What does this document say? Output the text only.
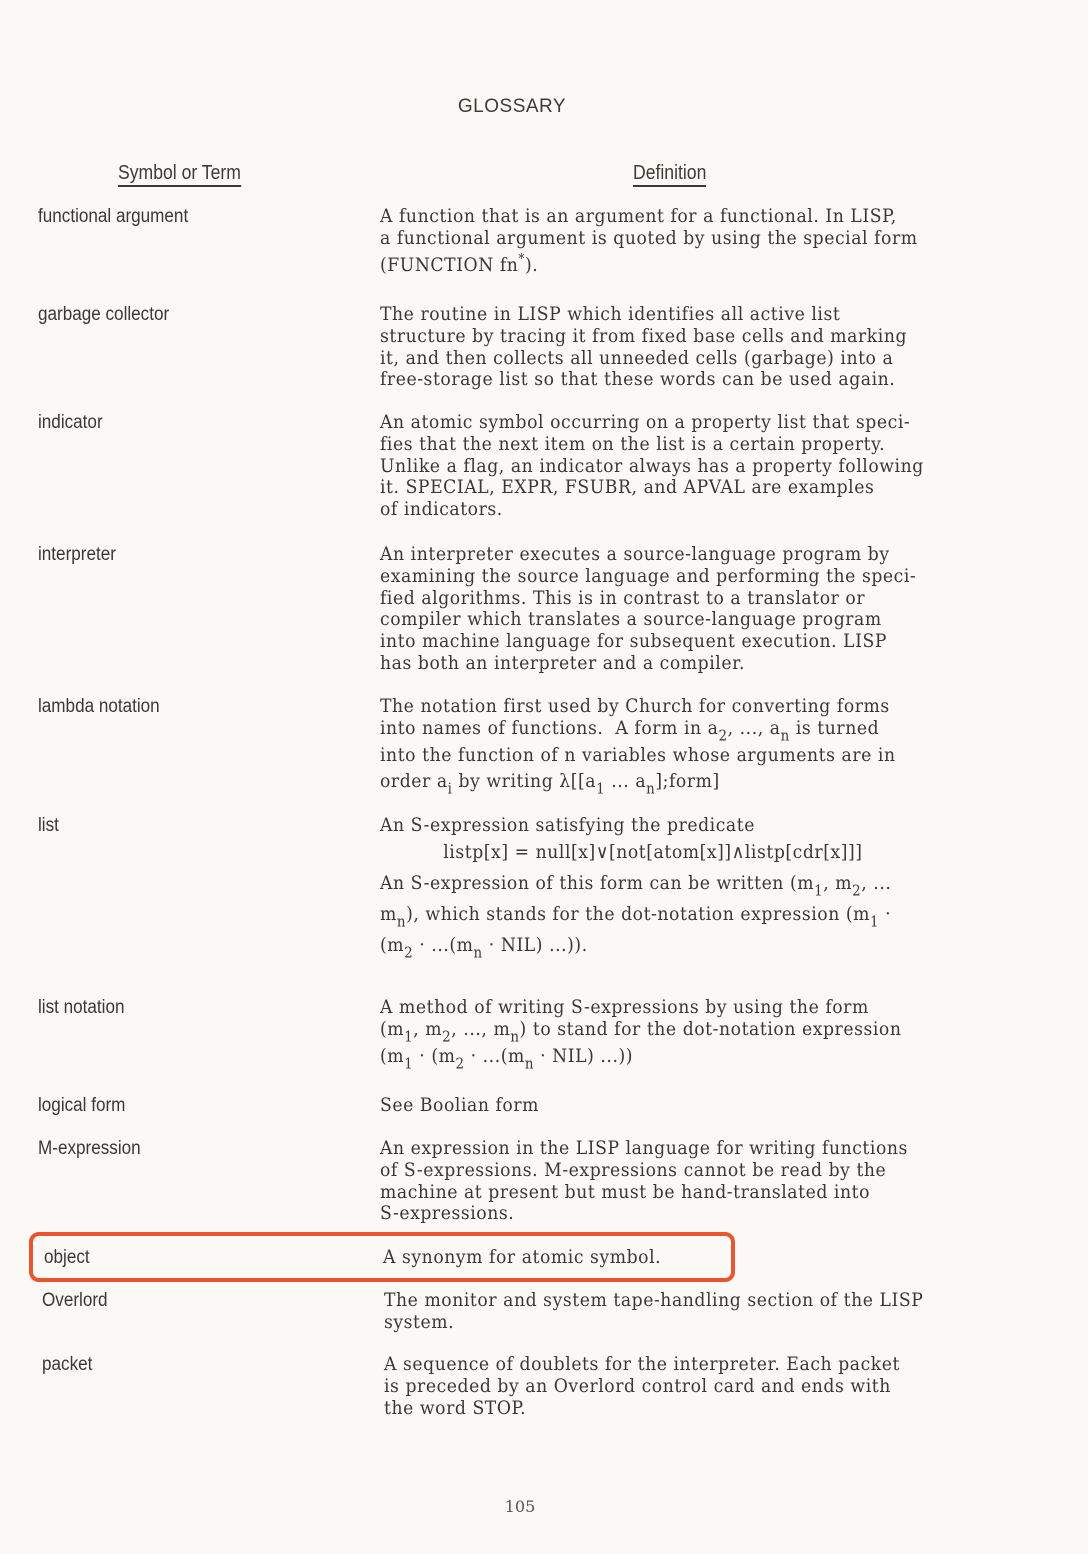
GLOSSARY
Symbol or Term	Definition
functional argument	A function that is an argument for a functional. In LISP,
a functional argument is quoted by using the special form
(FUNCTION fn*).
garbage collector	The routine in LISP which identifies all active list
structure by tracing it from fixed base cells and marking
it, and then collects all unneeded cells (garbage) into a
free-storage list so that these words can be used again.
indicator	An atomic symbol occurring on a property list that speci-
fies that the next item on the list is a certain property.
Unlike a flag, an indicator always has a property following
it. SPECIAL, EXPR, FSUBR, and APVAL are examples
of indicators.
interpreter	An interpreter executes a source-language program by
examining the source language and performing the speci-
fied algorithms. This is in contrast to a translator or
compiler which translates a source-language program
into machine language for subsequent execution. LISP
has both an interpreter and a compiler.
lambda notation	The notation first used by Church for converting forms
into names of functions.  A form in $a_2$, ..., $a_n$ is turned
into the function of n variables whose arguments are in
order $a_i$ by writing $\lambda[[a_1$ ... $a_n];form$]
list	An S-expression satisfying the predicate
listp[x] = null[x]∨[not[atom[x]]∧listp[cdr[x]]]
An S-expression of this form can be written ($m_1$, $m_2$, ...
$m_n$), which stands for the dot-notation expression ($m_1$ ·
($m_2 \cdot ...(m_n \cdot NIL)$ ...)).
list notation	A method of writing S-expressions by using the form
($m_1$, $m_2$, ..., $m_n$) to stand for the dot-notation expression
($m_1 \cdot (m_2 \cdot ...(m_n \cdot NIL)$ ...))
logical form	See Boolian form
M-expression	An expression in the LISP language for writing functions
of S-expressions. M-expressions cannot be read by the
machine at present but must be hand-translated into
S-expressions.
object	A synonym for atomic symbol.
Overlord	The monitor and system tape-handling section of the LISP
system.
packet	A sequence of doublets for the interpreter. Each packet
is preceded by an Overlord control card and ends with
the word STOP.
105
